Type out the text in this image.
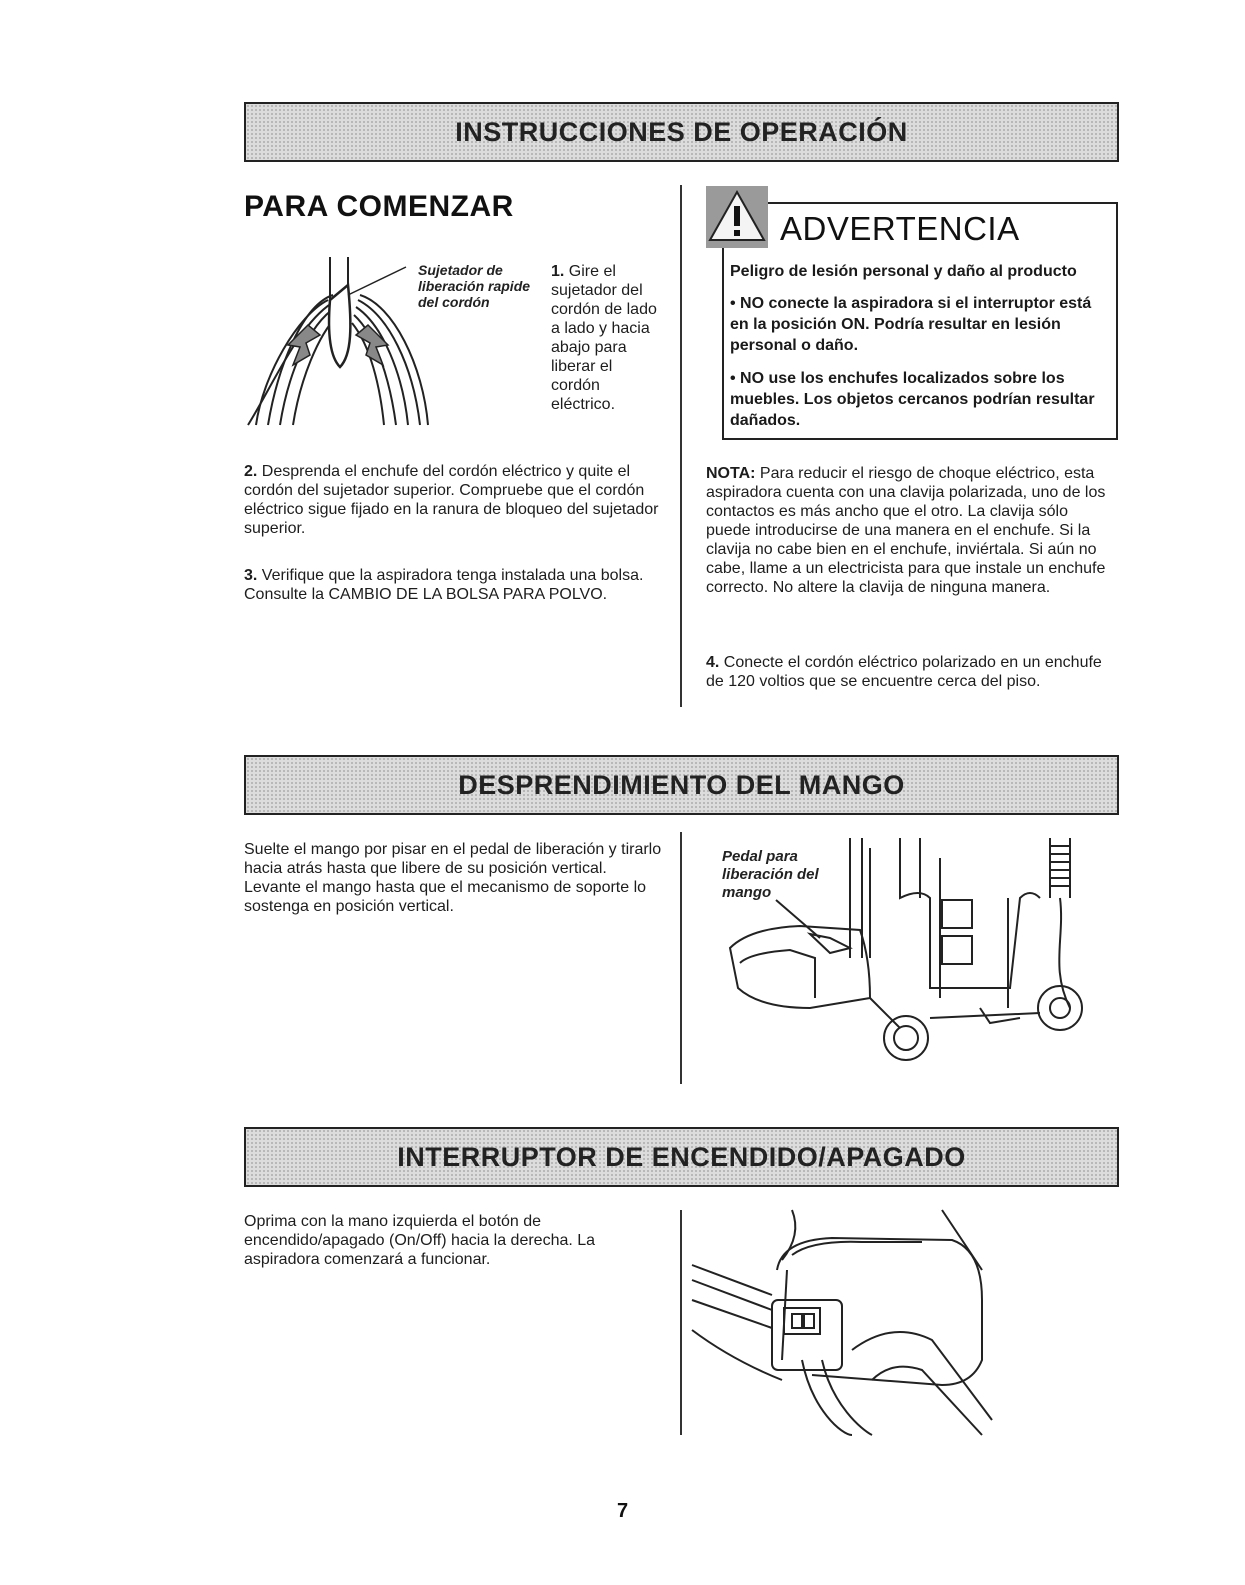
INSTRUCCIONES DE OPERACIÓN
PARA COMENZAR

Sujetador de liberación rapide del cordón

1. Gire el sujetador del cordón de lado a lado y hacia abajo para liberar el cordón eléctrico.

2. Desprenda el enchufe del cordón eléctrico y quite el cordón del sujetador superior. Compruebe que el cordón eléctrico sigue fijado en la ranura de bloqueo del sujetador superior.

3. Verifique que la aspiradora tenga instalada una bolsa. Consulte la CAMBIO DE LA BOLSA PARA POLVO.

ADVERTENCIA

Peligro de lesión personal y daño al producto

• NO conecte la aspiradora si el interruptor está en la posición ON. Podría resultar en lesión personal o daño.

• NO use los enchufes localizados sobre los muebles. Los objetos cercanos podrían resultar dañados.

NOTA: Para reducir el riesgo de choque eléctrico, esta aspiradora cuenta con una clavija polarizada, uno de los contactos es más ancho que el otro. La clavija sólo puede introducirse de una manera en el enchufe. Si la clavija no cabe bien en el enchufe, inviértala. Si aún no cabe, llame a un electricista para que instale un enchufe correcto. No altere la clavija de ninguna manera.

4. Conecte el cordón eléctrico polarizado en un enchufe de 120 voltios que se encuentre cerca del piso.

DESPRENDIMIENTO DEL MANGO

Suelte el mango por pisar en el pedal de liberación y tirarlo hacia atrás hasta que libere de su posición vertical. Levante el mango hasta que el mecanismo de soporte lo sostenga en posición vertical.

Pedal para liberación del mango

INTERRUPTOR DE ENCENDIDO/APAGADO

Oprima con la mano izquierda el botón de encendido/apagado (On/Off) hacia la derecha. La aspiradora comenzará a funcionar.

7
